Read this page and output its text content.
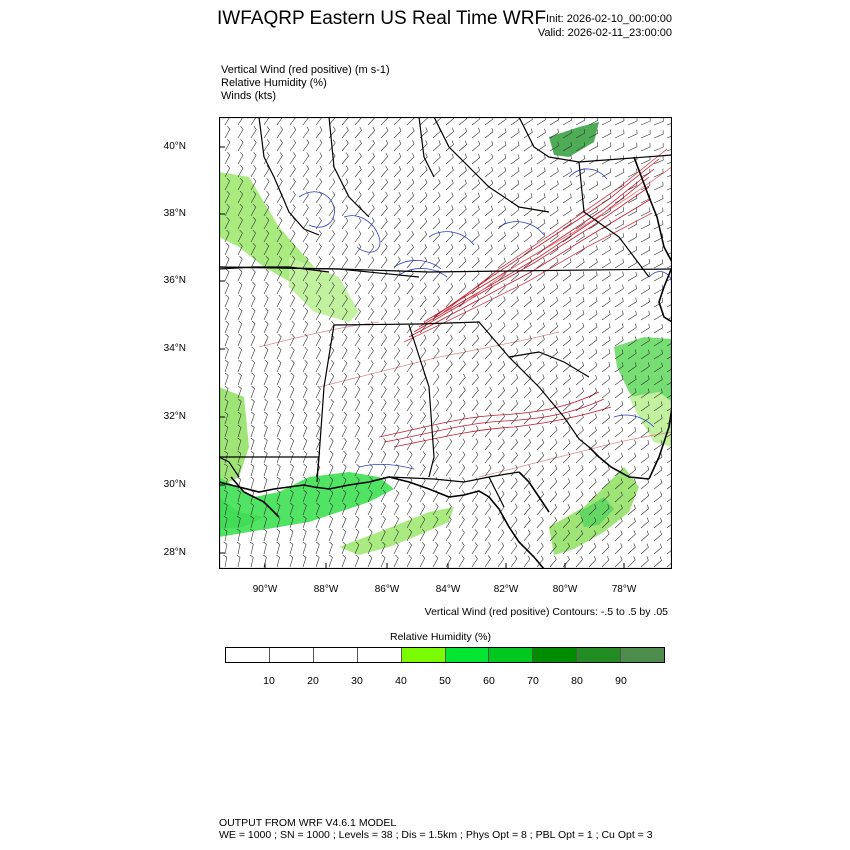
IWFAQRP Eastern US Real Time WRF Init: 2026-02-10_00:00:00
Valid: 2026-02-11_23:00:00
Vertical Wind (red positive) (m s-1)
Relative Humidity (%)
Winds (kts)
40°N
38°N
36°N
34°N
32°N
30°N
28°N
90°W	88°W	86°W	84°W	82°W	80°W	78°W
Vertical Wind (red positive) Contours: -.5 to .5 by .05
Relative Humidity (%)
10	20	30	40	50	60	70	80	90
OUTPUT FROM WRF V4.6.1 MODEL
WE = 1000 ; SN = 1000 ; Levels = 38 ; Dis = 1.5km ; Phys Opt = 8 ; PBL Opt = 1 ; Cu Opt = 3
